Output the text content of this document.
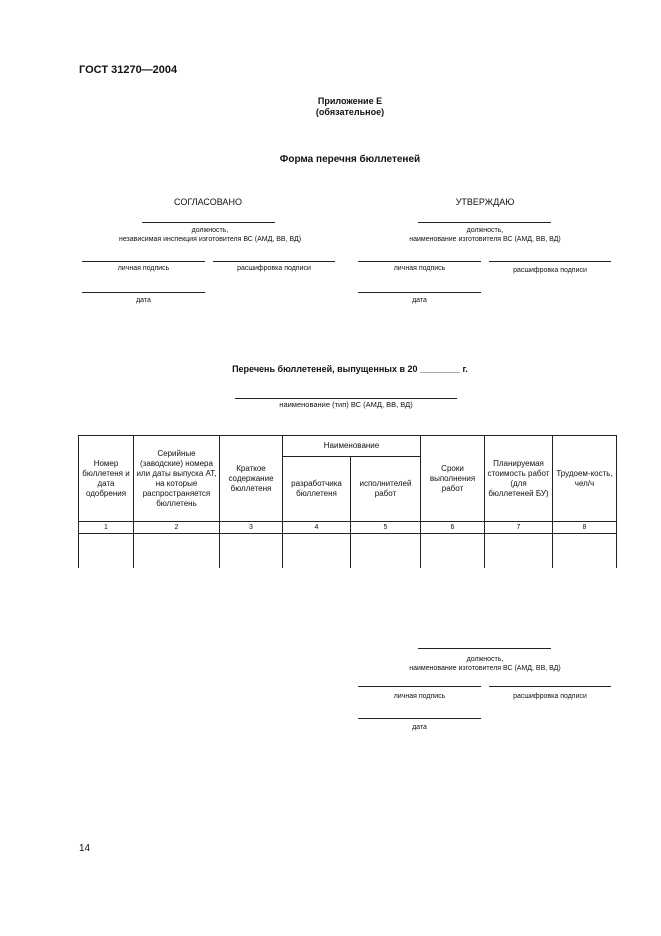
ГОСТ 31270—2004
Приложение Е
(обязательное)
Форма перечня бюллетеней
СОГЛАСОВАНО
должность,
независимая инспекция изготовителя ВС (АМД, ВВ, ВД)
личная подпись	расшифровка подписи
дата
УТВЕРЖДАЮ
должность,
наименование изготовителя ВС (АМД, ВВ, ВД)
личная подпись	расшифровка подписи
дата
Перечень бюллетеней, выпущенных в 20 ________ г.
наименование (тип) ВС (АМД, ВВ, ВД)
Номер бюллетеня и дата одобрения	Серийные (заводские) номера или даты выпуска АТ, на которые распространяется бюллетень	Краткое содержание бюллетеня	Наименование		Сроки выполнения работ	Планируемая стоимость работ (для бюллетеней БУ)	Трудоем-кость, чел/ч
			разработчика бюллетеня	исполнителей работ			
1	2	3	4	5	6	7	8

должность,
наименование изготовителя ВС (АМД, ВВ, ВД)
личная подпись	расшифровка подписи
дата
14
